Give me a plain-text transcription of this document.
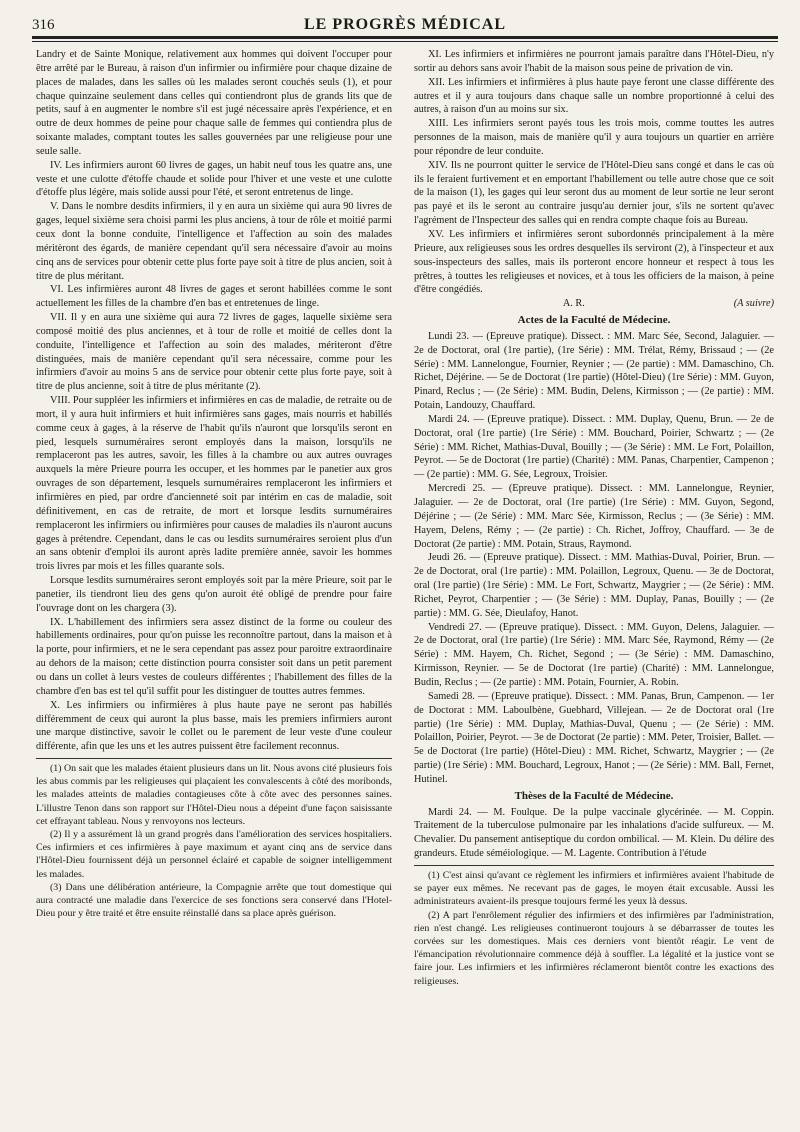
316	LE PROGRÈS MÉDICAL

Landry et de Sainte Monique, relativement aux hommes qui doivent l'occuper pour être arrêté par le Bureau, à raison d'un infirmier ou infirmière pour chaque dizaine de places de malades, dans les salles où les malades seront couchés seuls (1), et pour chaque quinzaine seulement dans celles qui contiendront plus de grands lits que de petits, sauf à en augmenter le nombre s'il est jugé nécessaire après l'expérience, et en outre de deux hommes de peine pour chaque salle de femmes qui contiendra plus de soixante malades, comptant toutes les salles gouvernées par une religieuse pour une seule salle.

IV. Les infirmiers auront 60 livres de gages, un habit neuf tous les quatre ans, une veste et une culotte d'étoffe chaude et solide pour l'hiver et une veste et une culotte d'étoffe plus légère, mais solide aussi pour l'été, et seront entretenus de linge.

V. Dans le nombre desdits infirmiers, il y en aura un sixième qui aura 90 livres de gages, lequel sixième sera choisi parmi les plus anciens, à tour de rôle et moitié parmi ceux dont la bonne conduite, l'intelligence et l'affection au soin des malades méritèront des égards, de manière cependant qu'il sera nécessaire d'avoir au moins cinq ans de services pour obtenir cette plus forte paye soit à titre de plus ancien, soit à titre de plus méritant.

VI. Les infirmières auront 48 livres de gages et seront habillées comme le sont actuellement les filles de la chambre d'en bas et entretenues de linge.

VII. Il y en aura une sixième qui aura 72 livres de gages, laquelle sixième sera composé moitié des plus anciennes, et à tour de rolle et moitié de celles dont la conduite, l'intelligence et l'affection au soin des malades, mériteront d'être distinguées, mais de manière cependant qu'il sera nécessaire, comme pour les infirmiers d'avoir au moins 5 ans de service pour obtenir cette plus forte paye, soit à titre de plus ancienne, soit à titre de plus méritante (2).

VIII. Pour suppléer les infirmiers et infirmières en cas de maladie, de retraite ou de mort, il y aura huit infirmiers et huit infirmières sans gages, mais nourris et habillés comme ceux à gages, à la réserve de l'habit qu'ils n'auront que lorsqu'ils seront en pied, lesquels surnuméraires seront employés dans la maison, lorsqu'ils ne remplaceront pas les autres, savoir, les filles à la chambre ou aux autres ouvrages auxquels la mère Prieure pourra les occuper, et les hommes par le panetier aux gros ouvrages de son département, lesquels surnuméraires remplaceront les infirmiers et infirmières en pied, par ordre d'ancienneté soit par intérim en cas de maladie, soit définitivement, en cas de retraite, de mort et lorsque lesdits surnuméraires remplaceront les infirmiers ou infirmières pour causes de maladies ils n'auront aucuns gages à prétendre. Cependant, dans le cas ou lesdits surnuméraires seroient plus d'un an sans obtenir d'emploi ils auront après ladite première année, savoir les hommes trois livres par mois et les filles quarante sols.

Lorsque lesdits surnuméraires seront employés soit par la mère Prieure, soit par le panetier, ils tiendront lieu des gens qu'on auroit été obligé de prendre pour faire l'ouvrage dont on les chargera (3).

IX. L'habillement des infirmiers sera assez distinct de la forme ou couleur des habillements ordinaires, pour qu'on puisse les reconnoître partout, dans la maison et à la porte, pour infirmiers, et ne le sera cependant pas assez pour paroitre extraordinaire au dehors de la maison; cette distinction pourra consister soit dans un petit parement ou dans un collet à leurs vestes de couleurs différentes ; l'habillement des filles de la chambre d'en bas est tel qu'il suffit pour les distinguer de touttes autres femmes.

X. Les infirmiers ou infirmières à plus haute paye ne seront pas habillés différemment de ceux qui auront la plus basse, mais les premiers infirmiers auront une marque distinctive, savoir le collet ou le parement de leur veste d'une couleur différente, afin que les uns et les autres puissent être facilement reconnus.

(1) On sait que les malades étaient plusieurs dans un lit. Nous avons cité plusieurs fois les abus commis par les religieuses qui plaçaient les convalescents à côté des moribonds, les malades atteints de maladies contagieuses côte à côte avec des personnes saines. L'illustre Tenon dans son rapport sur l'Hôtel-Dieu nous a dépeint d'une façon saisissante cet effrayant tableau. Nous y renvoyons nos lecteurs.

(2) Il y a assurément là un grand progrès dans l'amélioration des services hospitaliers. Ces infirmiers et ces infirmières à paye maximum et ayant cinq ans de service dans l'Hôtel-Dieu fournissent déjà un personnel éclairé et capable de soigner intelligemment les malades.

(3) Dans une délibération antérieure, la Compagnie arrête que tout domestique qui aura contracté une maladie dans l'exercice de ses fonctions sera conservé dans l'Hotel-Dieu pour y être traité et être ensuite réinstallé dans sa place après guérison.

XI. Les infirmiers et infirmières ne pourront jamais paraître dans l'Hôtel-Dieu, n'y sortir au dehors sans avoir l'habit de la maison sous peine de privation de vin.

XII. Les infirmiers et infirmières à plus haute paye feront une classe différente des autres et il y aura toujours dans chaque salle un nombre proportionné à celui des autres, à raison d'un au moins sur six.

XIII. Les infirmiers seront payés tous les trois mois, comme touttes les autres personnes de la maison, mais de manière qu'il y aura toujours un quartier en arrière pour répondre de leur conduite.

XIV. Ils ne pourront quitter le service de l'Hôtel-Dieu sans congé et dans le cas où ils le feraient furtivement et en emportant l'habillement ou telle autre chose que ce soit de la maison (1), les gages qui leur seront dus au moment de leur sortie ne leur seront pas payé et ils le seront au contraire jusqu'au dernier jour, s'ils ne sortent qu'avec l'agrément de l'Inspecteur des salles qui en rendra compte chaque fois au Bureau.

XV. Les infirmiers et infirmières seront subordonnés principalement à la mère Prieure, aux religieuses sous les ordres desquelles ils serviront (2), à l'inspecteur et aux sous-inspecteurs des salles, mais ils porteront encore honneur et respect à tous les prêtres, à touttes les religieuses et novices, et à tous les officiers de la maison, à peine d'être congédiés.

A. R.	(A suivre)

Actes de la Faculté de Médecine.

Lundi 23. — (Epreuve pratique). Dissect. : MM. Marc Sée, Second, Jalaguier. — 2e de Doctorat, oral (1re partie), (1re Série) : MM. Trélat, Rémy, Brissaud ; — (2e Série) : MM. Lannelongue, Fournier, Reynier ; — (2e partie) : MM. Damaschino, Ch. Richet, Déjérine. — 5e de Doctorat (1re partie) (Hôtel-Dieu) (1re Série) : MM. Guyon, Pinard, Reclus ; — (2e Série) : MM. Budin, Delens, Kirmisson ; — (2e partie) : MM. Potain, Landouzy, Chauffard.

Mardi 24. — (Epreuve pratique). Dissect. : MM. Duplay, Quenu, Brun. — 2e de Doctorat, oral (1re partie) (1re Série) : MM. Bouchard, Poirier, Schwartz ; — (2e Série) : MM. Richet, Mathias-Duval, Bouilly ; — (3e Série) : MM. Le Fort, Polaillon, Peyrot. — 5e de Doctorat (1re partie) (Charité) : MM. Panas, Charpentier, Campenon ; — (2e partie) : MM. G. Sée, Legroux, Troisier.

Mercredi 25. — (Epreuve pratique). Dissect. : MM. Lannelongue, Reynier, Jalaguier. — 2e de Doctorat, oral (1re partie) (1re Série) : MM. Guyon, Segond, Déjérine ; — (2e Série) : MM. Marc Sée, Kirmisson, Reclus ; — (3e Série) : MM. Hayem, Delens, Rémy ; — (2e partie) : Ch. Richet, Joffroy, Chauffard. — 3e de Doctorat (2e partie) : MM. Potain, Straus, Raymond.

Jeudi 26. — (Epreuve pratique). Dissect. : MM. Mathias-Duval, Poirier, Brun. — 2e de Doctorat, oral (1re partie) : MM. Polaillon, Legroux, Quenu. — 3e de Doctorat, oral (1re partie) (1re Série) : MM. Le Fort, Schwartz, Maygrier ; — (2e Série) : MM. Richet, Peyrot, Charpentier ; — (3e Série) : MM. Duplay, Panas, Bouilly ; — (2e partie) : MM. G. Sée, Dieulafoy, Hanot.

Vendredi 27. — (Epreuve pratique). Dissect. : MM. Guyon, Delens, Jalaguier. — 2e de Doctorat, oral (1re partie) (1re Série) : MM. Marc Sée, Raymond, Rémy — (2e Série) : MM. Hayem, Ch. Richet, Segond ; — (3e Série) : MM. Damaschino, Kirmisson, Reynier. — 5e de Doctorat (1re partie) (Charité) : MM. Lannelongue, Budin, Reclus ; — (2e partie) : MM. Potain, Fournier, A. Robin.

Samedi 28. — (Epreuve pratique). Dissect. : MM. Panas, Brun, Campenon. — 1er de Doctorat : MM. Laboulbène, Guebhard, Villejean. — 2e de Doctorat oral (1re partie) (1re Série) : MM. Duplay, Mathias-Duval, Quenu ; — (2e Série) : MM. Polaillon, Poirier, Peyrot. — 3e de Doctorat (2e partie) : MM. Peter, Troisier, Ballet. — 5e de Doctorat (1re partie) (Hôtel-Dieu) : MM. Richet, Schwartz, Maygrier ; — (2e partie) (1re Série) : MM. Bouchard, Legroux, Hanot ; — (2e Série) : MM. Ball, Fernet, Hutinel.

Thèses de la Faculté de Médecine.

Mardi 24. — M. Foulque. De la pulpe vaccinale glycérinée. — M. Coppin. Traitement de la tuberculose pulmonaire par les inhalations d'acide sulfureux. — M. Chevalier. Du pansement antiseptique du cordon ombilical. — M. Klein. Du délire des grandeurs. Etude séméiologique. — M. Lagente. Contribution à l'étude

(1) C'est ainsi qu'avant ce règlement les infirmiers et infirmières avaient l'habitude de se payer eux mêmes. Ne recevant pas de gages, le moyen était excusable. Aussi les administrateurs avaient-ils presque toujours fermé les yeux là dessus.

(2) A part l'enrôlement régulier des infirmiers et des infirmières par l'administration, rien n'est changé. Les religieuses continueront toujours à se débarrasser de toutes les corvées sur les domestiques. Mais ces derniers vont bientôt réagir. Le vent de l'émancipation révolutionnaire commence déjà à souffler. La légalité et la justice vont se faire jour. Les infirmiers et les infirmières réclameront bientôt contre les exactions des religieuses.
